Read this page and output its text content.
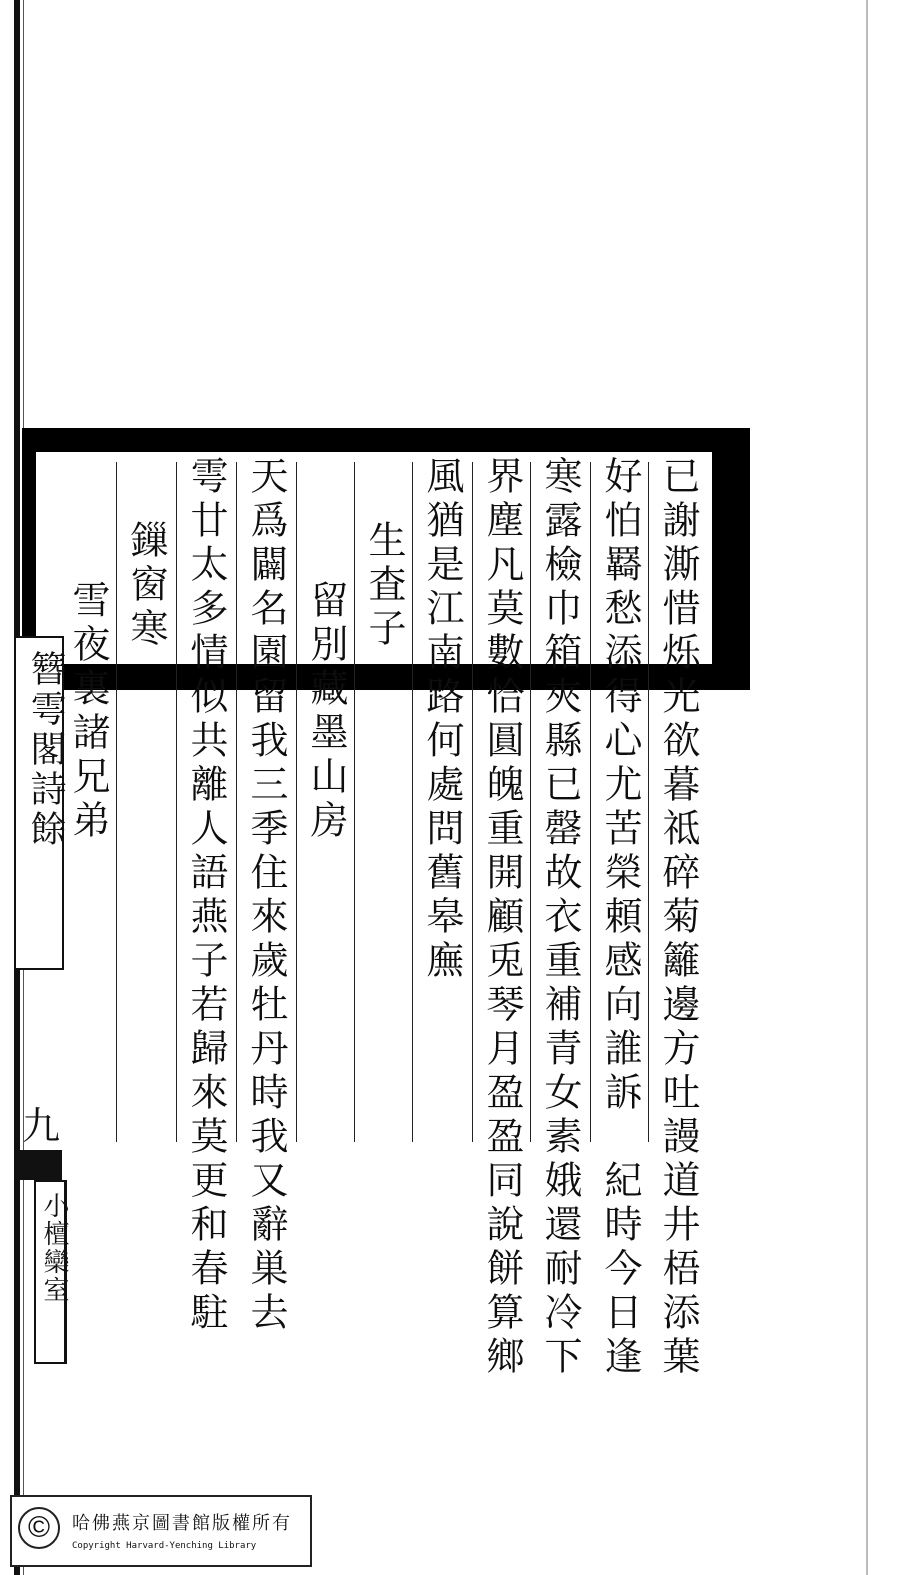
已謝澌惜烁光欲暮祗碎菊籬邊方吐謾道井梧添葉
好怕羇愁添得心尤苦榮頼感向誰訴　紀時今日逢
寒露檢巾箱夾縣已罄故衣重補青女素娥還耐冷下
界塵凡莫數恰圓魄重開顧兎琴月盈盈同說餅算鄉
風猶是江南路何處問舊皋廡
生査子
留別藏墨山房
天爲闢名園留我三季住來歲牡丹時我又辭巣去
雩廿太多情似共離人語燕子若歸來莫更和春駐
鏁窗寒
雪夜裏諸兄弟
簪雩閣詩餘
九
小檀欒室
©	哈佛燕京圖書館版權所有
Copyright Harvard-Yenching Library
